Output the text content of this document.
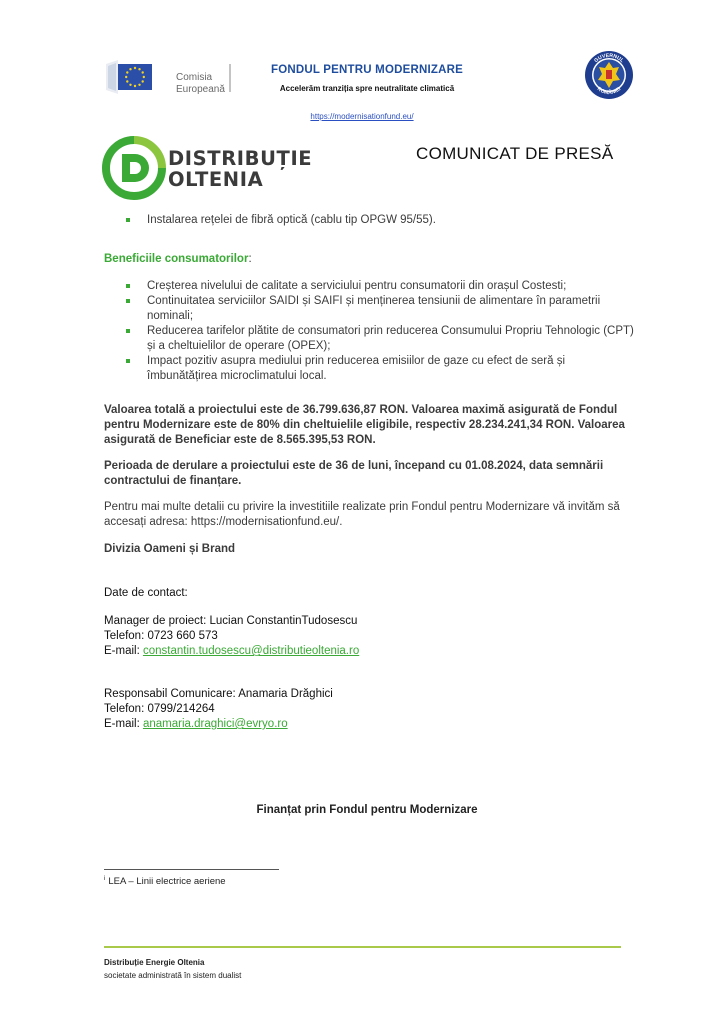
Comisia
Europeană
FONDUL PENTRU MODERNIZARE
Accelerăm tranziția spre neutralitate climatică
https://modernisationfund.eu/
GUVERNUL
ROMÂNIEI
DISTRIBUȚIE
OLTENIA
COMUNICAT DE PRESĂ
Instalarea rețelei de fibră optică (cablu tip OPGW 95/55).
Beneficiile consumatorilor:
Creșterea nivelului de calitate a serviciului pentru consumatorii din orașul Costesti;
Continuitatea serviciilor SAIDI și SAIFI și menținerea tensiunii de alimentare în parametrii nominali;
Reducerea tarifelor plătite de consumatori prin reducerea Consumului Propriu Tehnologic (CPT) și a cheltuielilor de operare (OPEX);
Impact pozitiv asupra mediului prin reducerea emisiilor de gaze cu efect de seră și îmbunătățirea microclimatului local.
Valoarea totală a proiectului este de 36.799.636,87 RON. Valoarea maximă asigurată de Fondul pentru Modernizare este de 80% din cheltuielile eligibile, respectiv 28.234.241,34 RON. Valoarea asigurată de Beneficiar este de 8.565.395,53 RON.
Perioada de derulare a proiectului este de 36 de luni, începand cu 01.08.2024, data semnării contractului de finanțare.
Pentru mai multe detalii cu privire la investitiile realizate prin Fondul pentru Modernizare vă invităm să accesați adresa: https://modernisationfund.eu/.
Divizia Oameni și Brand
Date de contact:
Manager de proiect: Lucian ConstantinTudosescu
Telefon: 0723 660 573
E-mail: constantin.tudosescu@distributieoltenia.ro
Responsabil Comunicare: Anamaria Drăghici
Telefon: 0799/214264
E-mail: anamaria.draghici@evryo.ro
Finanțat prin Fondul pentru Modernizare
$^i$ LEA – Linii electrice aeriene
Distribuție Energie Oltenia
societate administrată în sistem dualist
